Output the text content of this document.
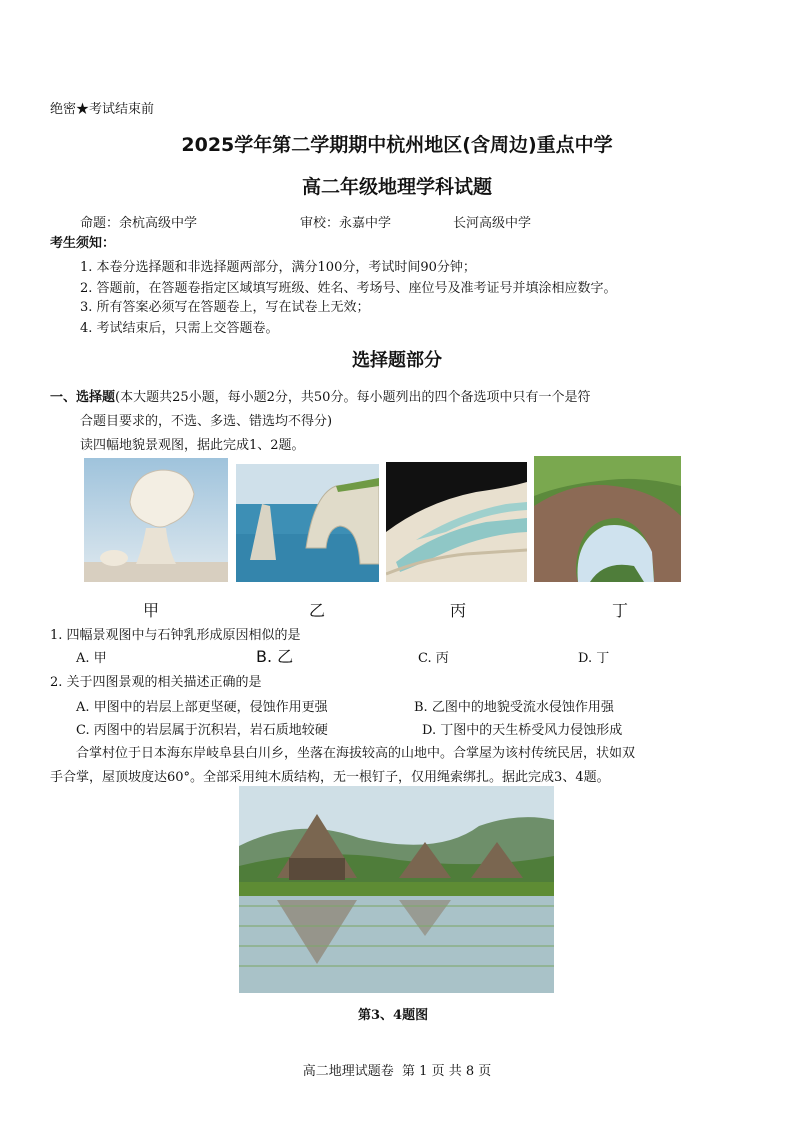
绝密★考试结束前
2025学年第二学期期中杭州地区(含周边)重点中学
高二年级地理学科试题
命题：余杭高级中学	审校：永嘉中学	长河高级中学
考生须知：
1. 本卷分选择题和非选择题两部分，满分100分，考试时间90分钟；
2. 答题前，在答题卷指定区域填写班级、姓名、考场号、座位号及准考证号并填涂相应数字。
3. 所有答案必须写在答题卷上，写在试卷上无效；
4. 考试结束后，只需上交答题卷。
选择题部分
一、选择题(本大题共25小题，每小题2分，共50分。每小题列出的四个备选项中只有一个是符
合题目要求的，不选、多选、错选均不得分)
读四幅地貌景观图，据此完成1、2题。
甲	乙	丙	丁
1. 四幅景观图中与石钟乳形成原因相似的是
A. 甲	B. 乙	C. 丙	D. 丁
2. 关于四图景观的相关描述正确的是
A. 甲图中的岩层上部更坚硬，侵蚀作用更强	B. 乙图中的地貌受流水侵蚀作用强
C. 丙图中的岩层属于沉积岩，岩石质地较硬	D. 丁图中的天生桥受风力侵蚀形成
合掌村位于日本海东岸岐阜县白川乡，坐落在海拔较高的山地中。合掌屋为该村传统民居，状如双
手合掌，屋顶坡度达60°。全部采用纯木质结构，无一根钉子，仅用绳索绑扎。据此完成3、4题。
第3、4题图
高二地理试题卷  第 1 页 共 8 页
